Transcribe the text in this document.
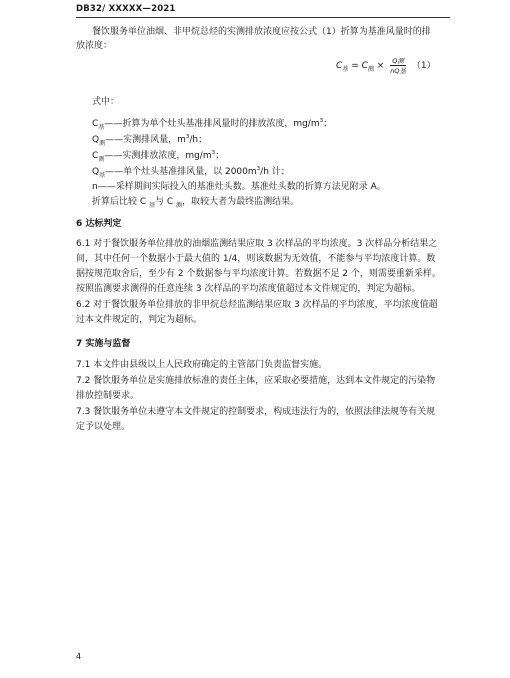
DB32/ XXXXX—2021
餐饮服务单位油烟、非甲烷总烃的实测排放浓度应按公式（1）折算为基准风量时的排
放浓度：
$C_基 = C_测 \times \frac{\text{Q测}}{\text{nQ基}} (1)$
式中：
$C_基——$折算为单个灶头基准排风量时的排放浓度，$mg/m^3$；
$Q_测——$实测排风量，$m^3/h$；
$C_测——$实测排放浓度，$mg/m^3$；
$Q_基——$单个灶头基准排风量，以 $2000m^3/h$ 计；
n——采样期间实际投入的基准灶头数。基准灶头数的折算方法见附录 A。
折算后比较 C $_基$与 C $_测$，取较大者为最终监测结果。
6 达标判定
6.1 对于餐饮服务单位排放的油烟监测结果应取 3 次样品的平均浓度。3 次样品分析结果之
间，其中任何一个数据小于最大值的 1/4，则该数据为无效值，不能参与平均浓度计算。数
据按规范取舍后，至少有 2 个数据参与平均浓度计算。若数据不足 2 个，则需要重新采样。
按照监测要求测得的任意连续 3 次样品的平均浓度值超过本文件规定的，判定为超标。
6.2 对于餐饮服务单位排放的非甲烷总烃监测结果应取 3 次样品的平均浓度，平均浓度值超
过本文件规定的，判定为超标。
7 实施与监督
7.1 本文件由县级以上人民政府确定的主管部门负责监督实施。
7.2 餐饮服务单位是实施排放标准的责任主体，应采取必要措施，达到本文件规定的污染物
排放控制要求。
7.3 餐饮服务单位未遵守本文件规定的控制要求，构成违法行为的，依照法律法规等有关规
定予以处理。
4
